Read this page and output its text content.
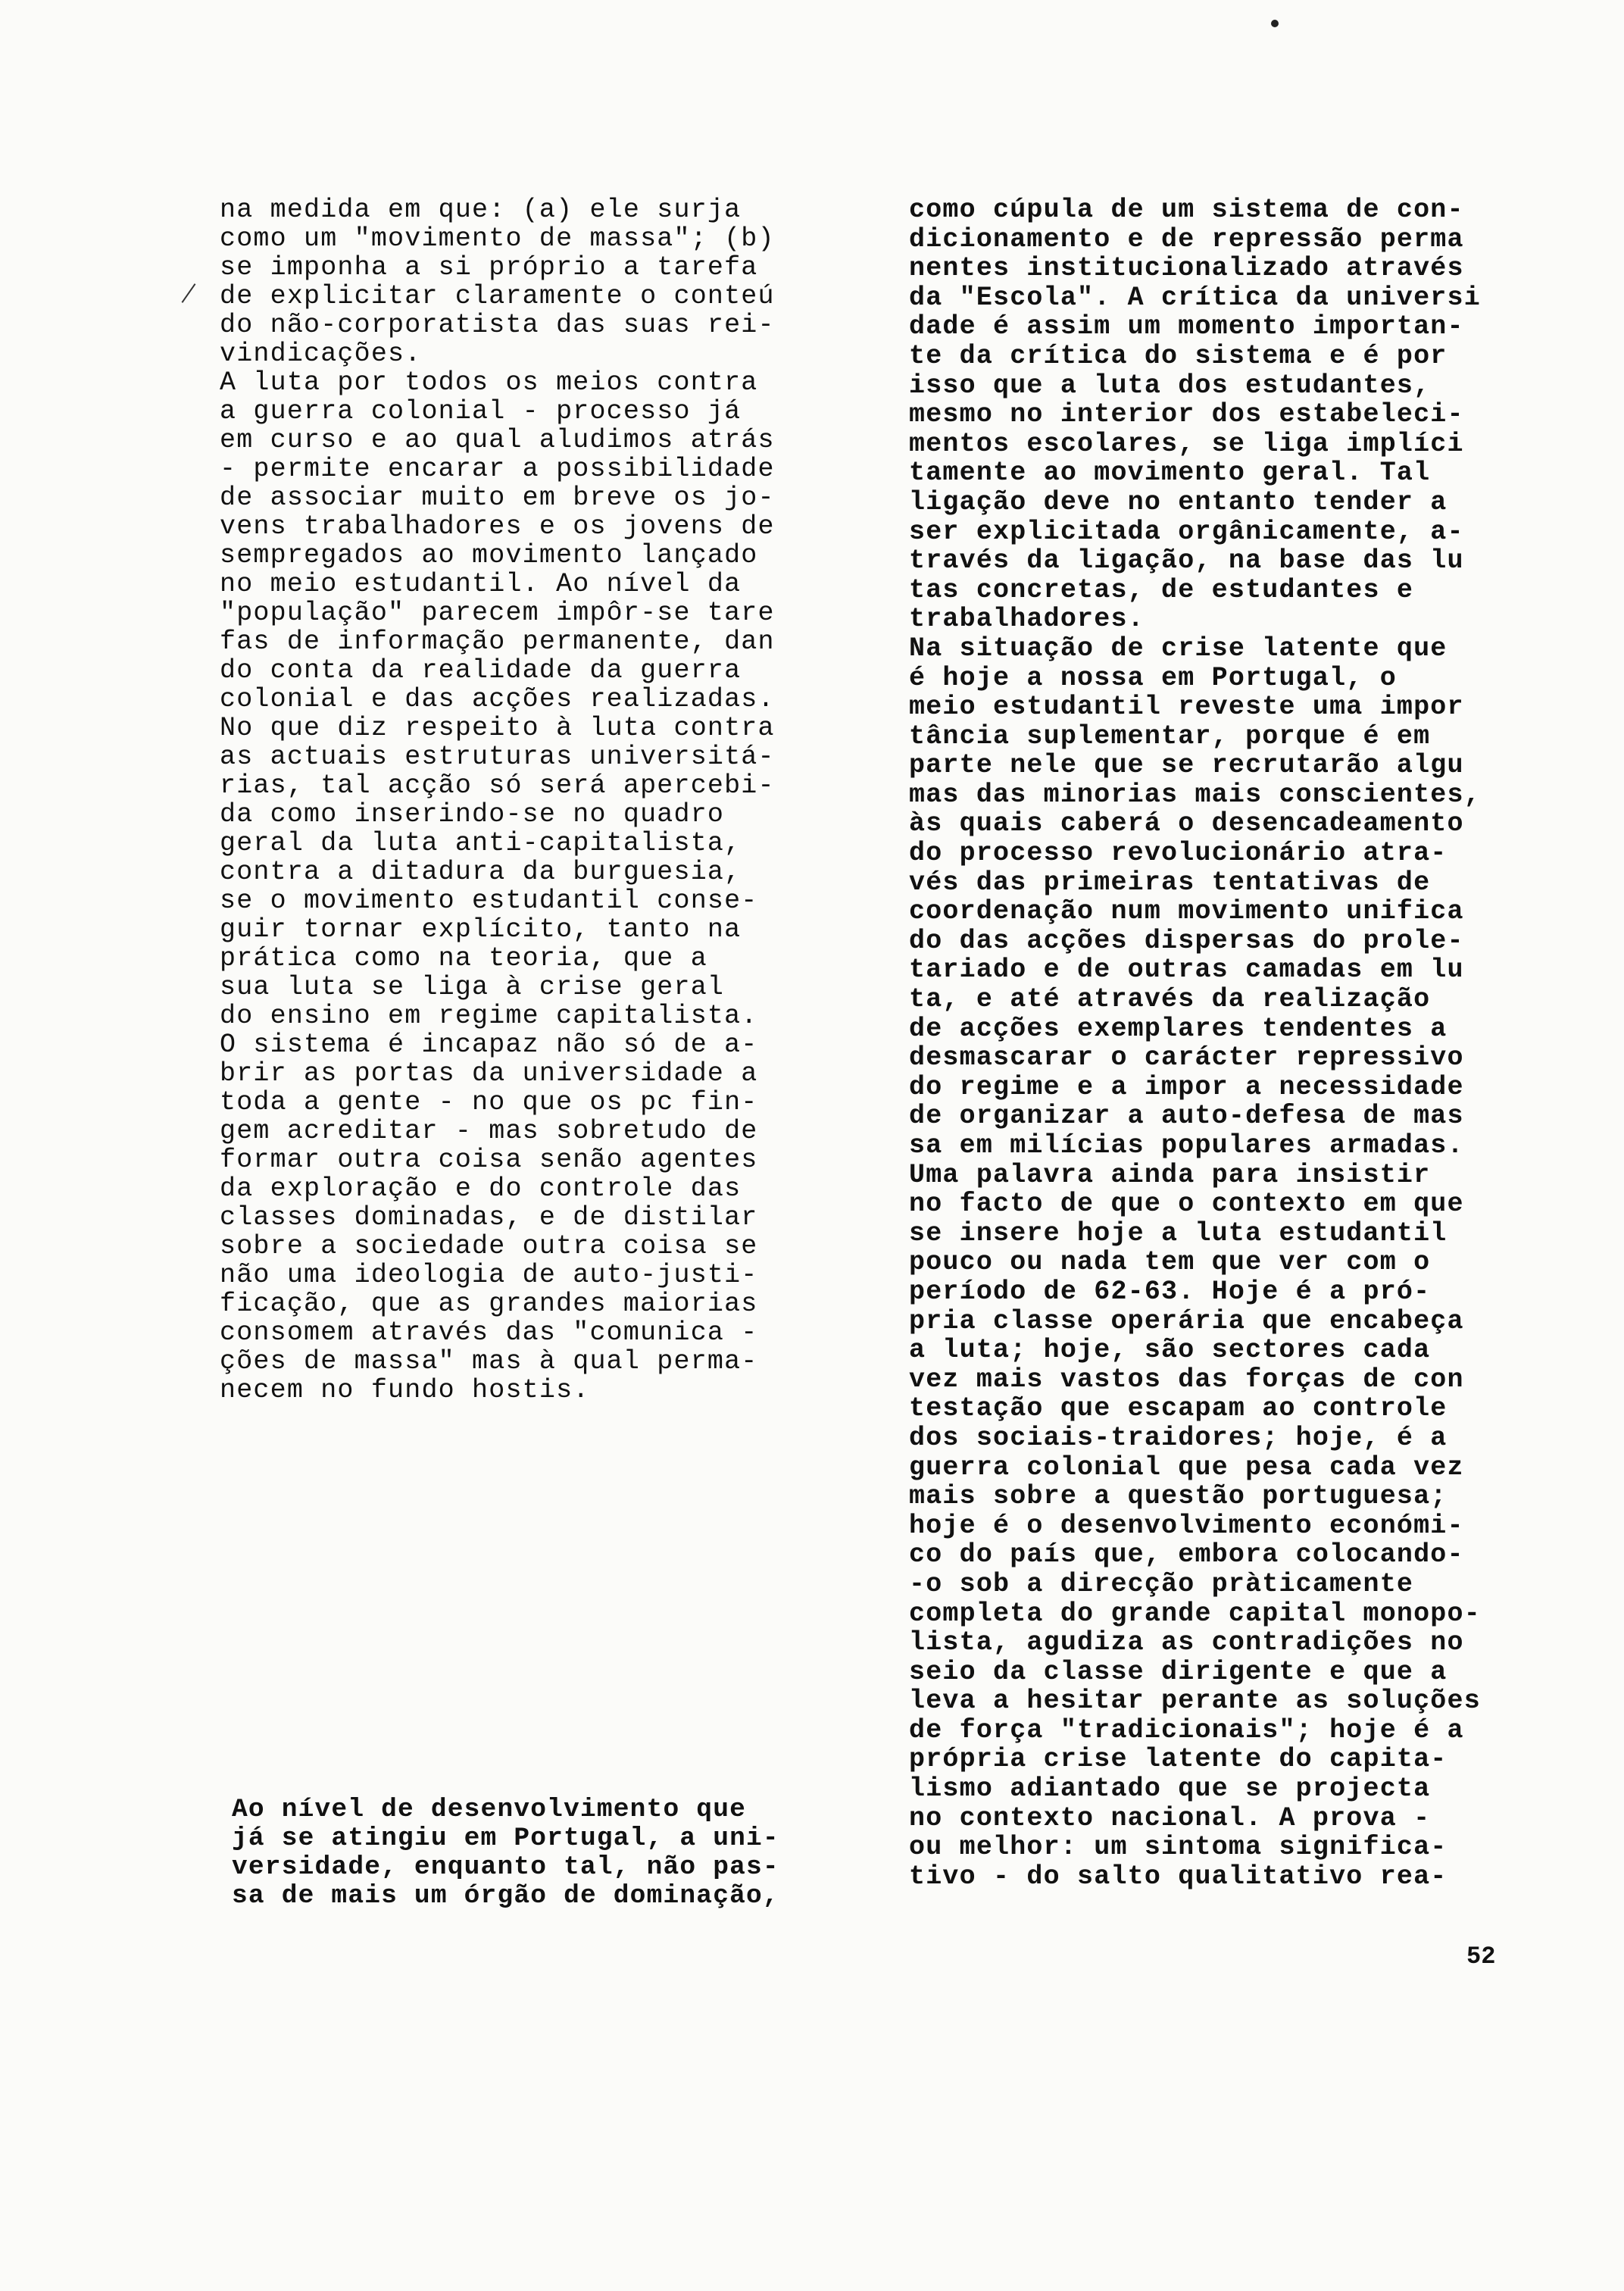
na medida em que: (a) ele surja
como um "movimento de massa"; (b)
se imponha a si próprio a tarefa
de explicitar claramente o conteú
do não-corporatista das suas rei-
vindicações.

A luta por todos os meios contra
a guerra colonial - processo já
em curso e ao qual aludimos atrás
- permite encarar a possibilidade
de associar muito em breve os jo-
vens trabalhadores e os jovens de
sempregados ao movimento lançado
no meio estudantil. Ao nível da
"população" parecem impôr-se tare
fas de informação permanente, dan
do conta da realidade da guerra
colonial e das acções realizadas.

No que diz respeito à luta contra
as actuais estruturas universitá-
rias, tal acção só será apercebi-
da como inserindo-se no quadro
geral da luta anti-capitalista,
contra a ditadura da burguesia,
se o movimento estudantil conse-
guir tornar explícito, tanto na
prática como na teoria, que a
sua luta se liga à crise geral
do ensino em regime capitalista.
O sistema é incapaz não só de a-
brir as portas da universidade a
toda a gente - no que os pc fin-
gem acreditar - mas sobretudo de
formar outra coisa senão agentes
da exploração e do controle das
classes dominadas, e de distilar
sobre a sociedade outra coisa se
não uma ideologia de auto-justi-
ficação, que as grandes maiorias
consomem através das "comunica -
ções de massa" mas à qual perma-
necem no fundo hostis.

Ao nível de desenvolvimento que
já se atingiu em Portugal, a uni-
versidade, enquanto tal, não pas-
sa de mais um órgão de dominação,

como cúpula de um sistema de con-
dicionamento e de repressão perma
nentes institucionalizado através
da "Escola". A crítica da universi
dade é assim um momento importan-
te da crítica do sistema e é por
isso que a luta dos estudantes,
mesmo no interior dos estabeleci-
mentos escolares, se liga implíci
tamente ao movimento geral. Tal
ligação deve no entanto tender a
ser explicitada orgânicamente, a-
través da ligação, na base das lu
tas concretas, de estudantes e
trabalhadores.

Na situação de crise latente que
é hoje a nossa em Portugal, o
meio estudantil reveste uma impor
tância suplementar, porque é em
parte nele que se recrutarão algu
mas das minorias mais conscientes,
às quais caberá o desencadeamento
do processo revolucionário atra-
vés das primeiras tentativas de
coordenação num movimento unifica
do das acções dispersas do prole-
tariado e de outras camadas em lu
ta, e até através da realização
de acções exemplares tendentes a
desmascarar o carácter repressivo
do regime e a impor a necessidade
de organizar a auto-defesa de mas
sa em milícias populares armadas.

Uma palavra ainda para insistir
no facto de que o contexto em que
se insere hoje a luta estudantil
pouco ou nada tem que ver com o
período de 62-63. Hoje é a pró-
pria classe operária que encabeça
a luta; hoje, são sectores cada
vez mais vastos das forças de con
testação que escapam ao controle
dos sociais-traidores; hoje, é a
guerra colonial que pesa cada vez
mais sobre a questão portuguesa;
hoje é o desenvolvimento económi-
co do país que, embora colocando-
-o sob a direcção pràticamente
completa do grande capital monopo-
lista, agudiza as contradições no
seio da classe dirigente e que a
leva a hesitar perante as soluções
de força "tradicionais"; hoje é a
própria crise latente do capita-
lismo adiantado que se projecta
no contexto nacional. A prova -
ou melhor: um sintoma significa-
tivo - do salto qualitativo rea-

52
